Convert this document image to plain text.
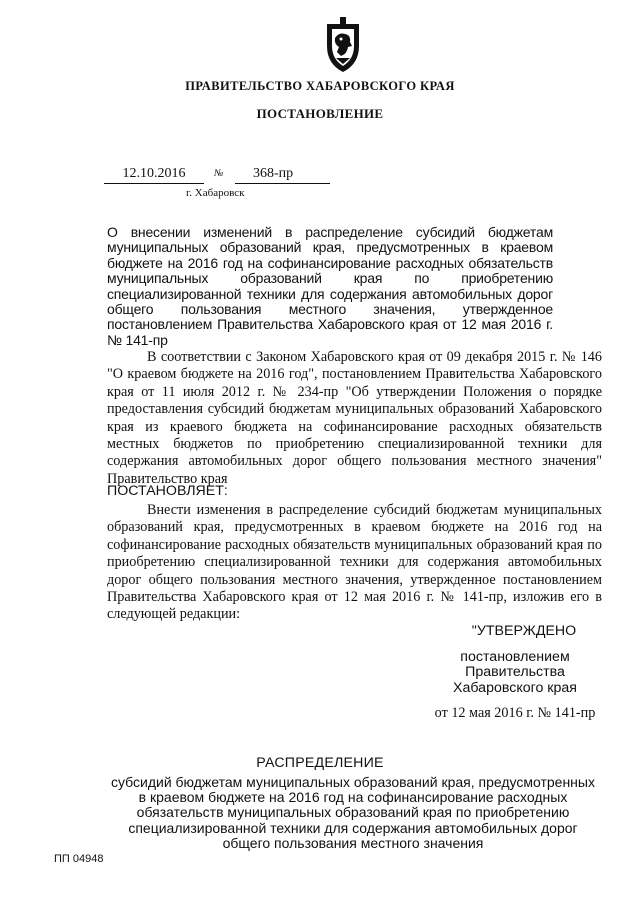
ПРАВИТЕЛЬСТВО ХАБАРОВСКОГО КРАЯ
ПОСТАНОВЛЕНИЕ
12.10.2016	№	368-пр
г. Хабаровск
О внесении изменений в распределение субсидий бюджетам муниципальных образований края, предусмотренных в краевом бюджете на 2016 год на софинансирование расходных обязательств муниципальных образований края по приобретению специализированной техники для содержания автомобильных дорог общего пользования местного значения, утвержденное постановлением Правительства Хабаровского края от 12 мая 2016 г. № 141-пр
В соответствии с Законом Хабаровского края от 09 декабря 2015 г. № 146 "О краевом бюджете на 2016 год", постановлением Правительства Хабаровского края от 11 июля 2012 г. № 234-пр "Об утверждении Положения о порядке предоставления субсидий бюджетам муниципальных образований Хабаровского края из краевого бюджета на софинансирование расходных обязательств местных бюджетов по приобретению специализированной техники для содержания автомобильных дорог общего пользования местного значения" Правительство края
ПОСТАНОВЛЯЕТ:
Внести изменения в распределение субсидий бюджетам муниципальных образований края, предусмотренных в краевом бюджете на 2016 год на софинансирование расходных обязательств муниципальных образований края по приобретению специализированной техники для содержания автомобильных дорог общего пользования местного значения, утвержденное постановлением Правительства Хабаровского края от 12 мая 2016 г. № 141-пр, изложив его в следующей редакции:
"УТВЕРЖДЕНО
постановлением
Правительства
Хабаровского края
от 12 мая 2016 г. № 141-пр
РАСПРЕДЕЛЕНИЕ
субсидий бюджетам муниципальных образований края, предусмотренных в краевом бюджете на 2016 год на софинансирование расходных обязательств муниципальных образований края по приобретению специализированной техники для содержания автомобильных дорог общего пользования местного значения
ПП 04948
